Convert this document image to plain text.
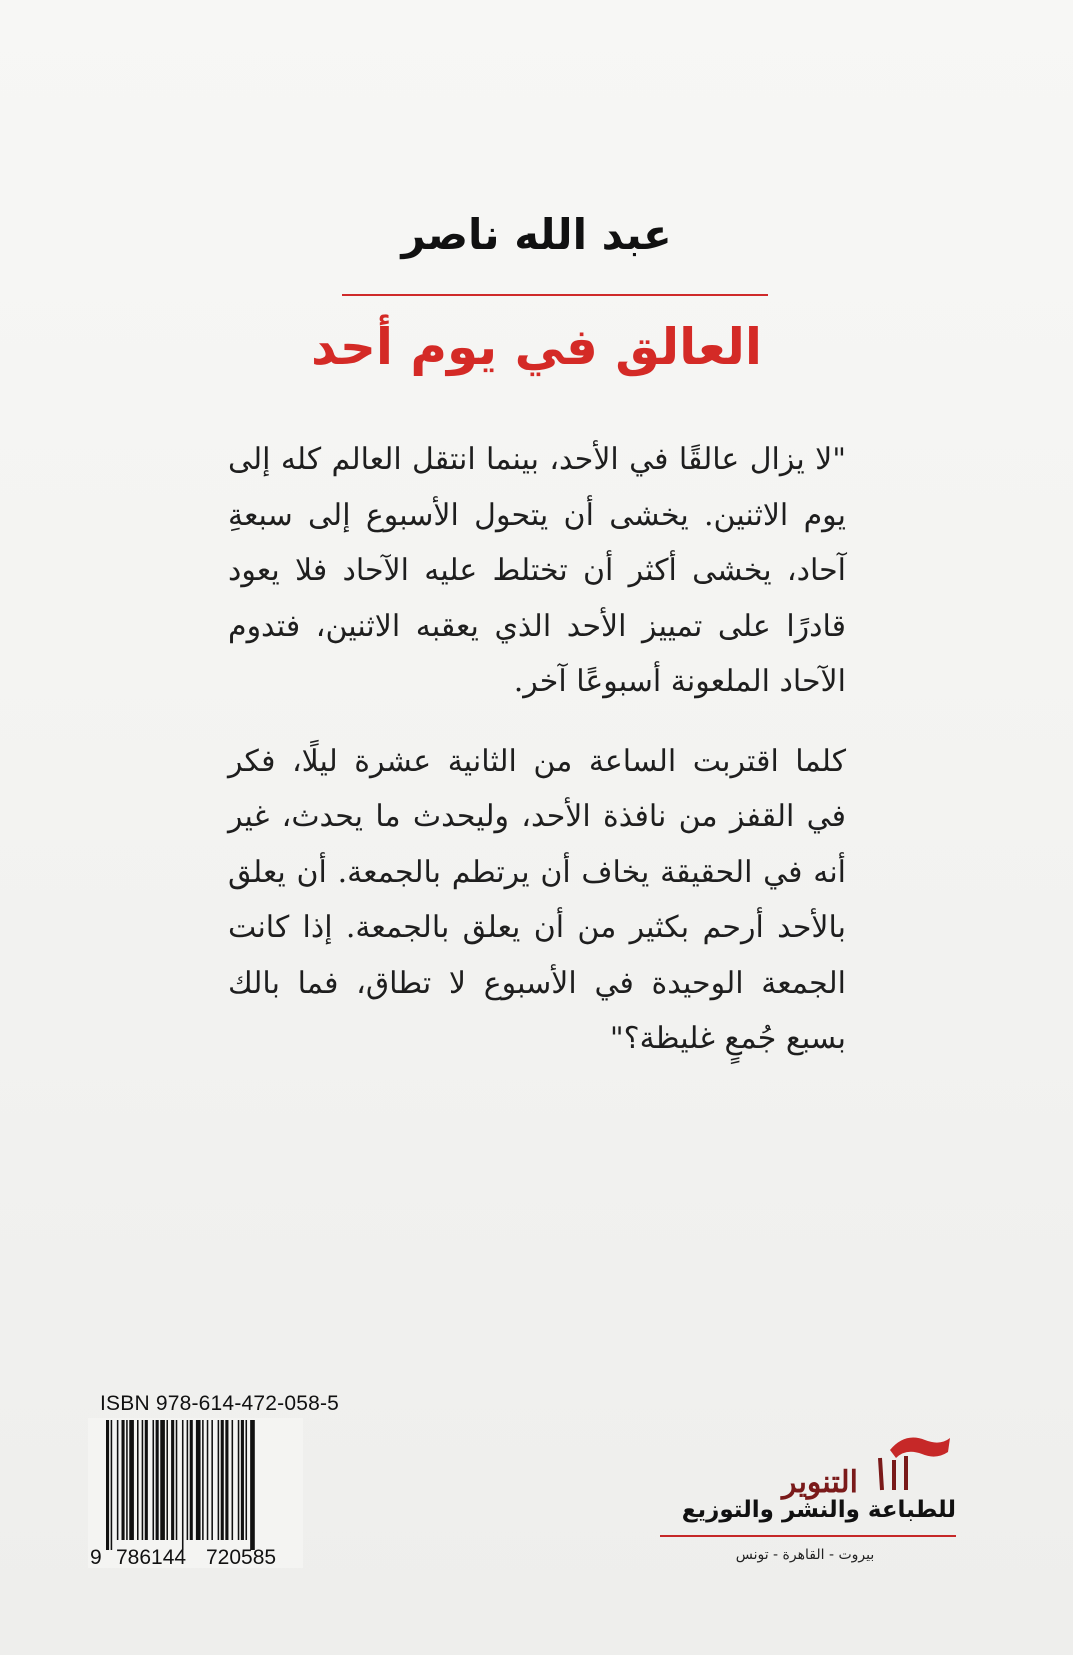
عبد الله ناصر
العالق في يوم أحد

"لا يزال عالقًا في الأحد، بينما انتقل العالم كله إلى يوم الاثنين. يخشى أن يتحول الأسبوع إلى سبعةِ آحاد، يخشى أكثر أن تختلط عليه الآحاد فلا يعود قادرًا على تمييز الأحد الذي يعقبه الاثنين، فتدوم الآحاد الملعونة أسبوعًا آخر.

كلما اقتربت الساعة من الثانية عشرة ليلًا، فكر في القفز من نافذة الأحد، وليحدث ما يحدث، غير أنه في الحقيقة يخاف أن يرتطم بالجمعة. أن يعلق بالأحد أرحم بكثير من أن يعلق بالجمعة. إذا كانت الجمعة الوحيدة في الأسبوع لا تطاق، فما بالك بسبع جُمعٍ غليظة؟"

ISBN 978-614-472-058-5
9 786144 720585
التنوير
للطباعة والنشر والتوزيع
بيروت - القاهرة - تونس
